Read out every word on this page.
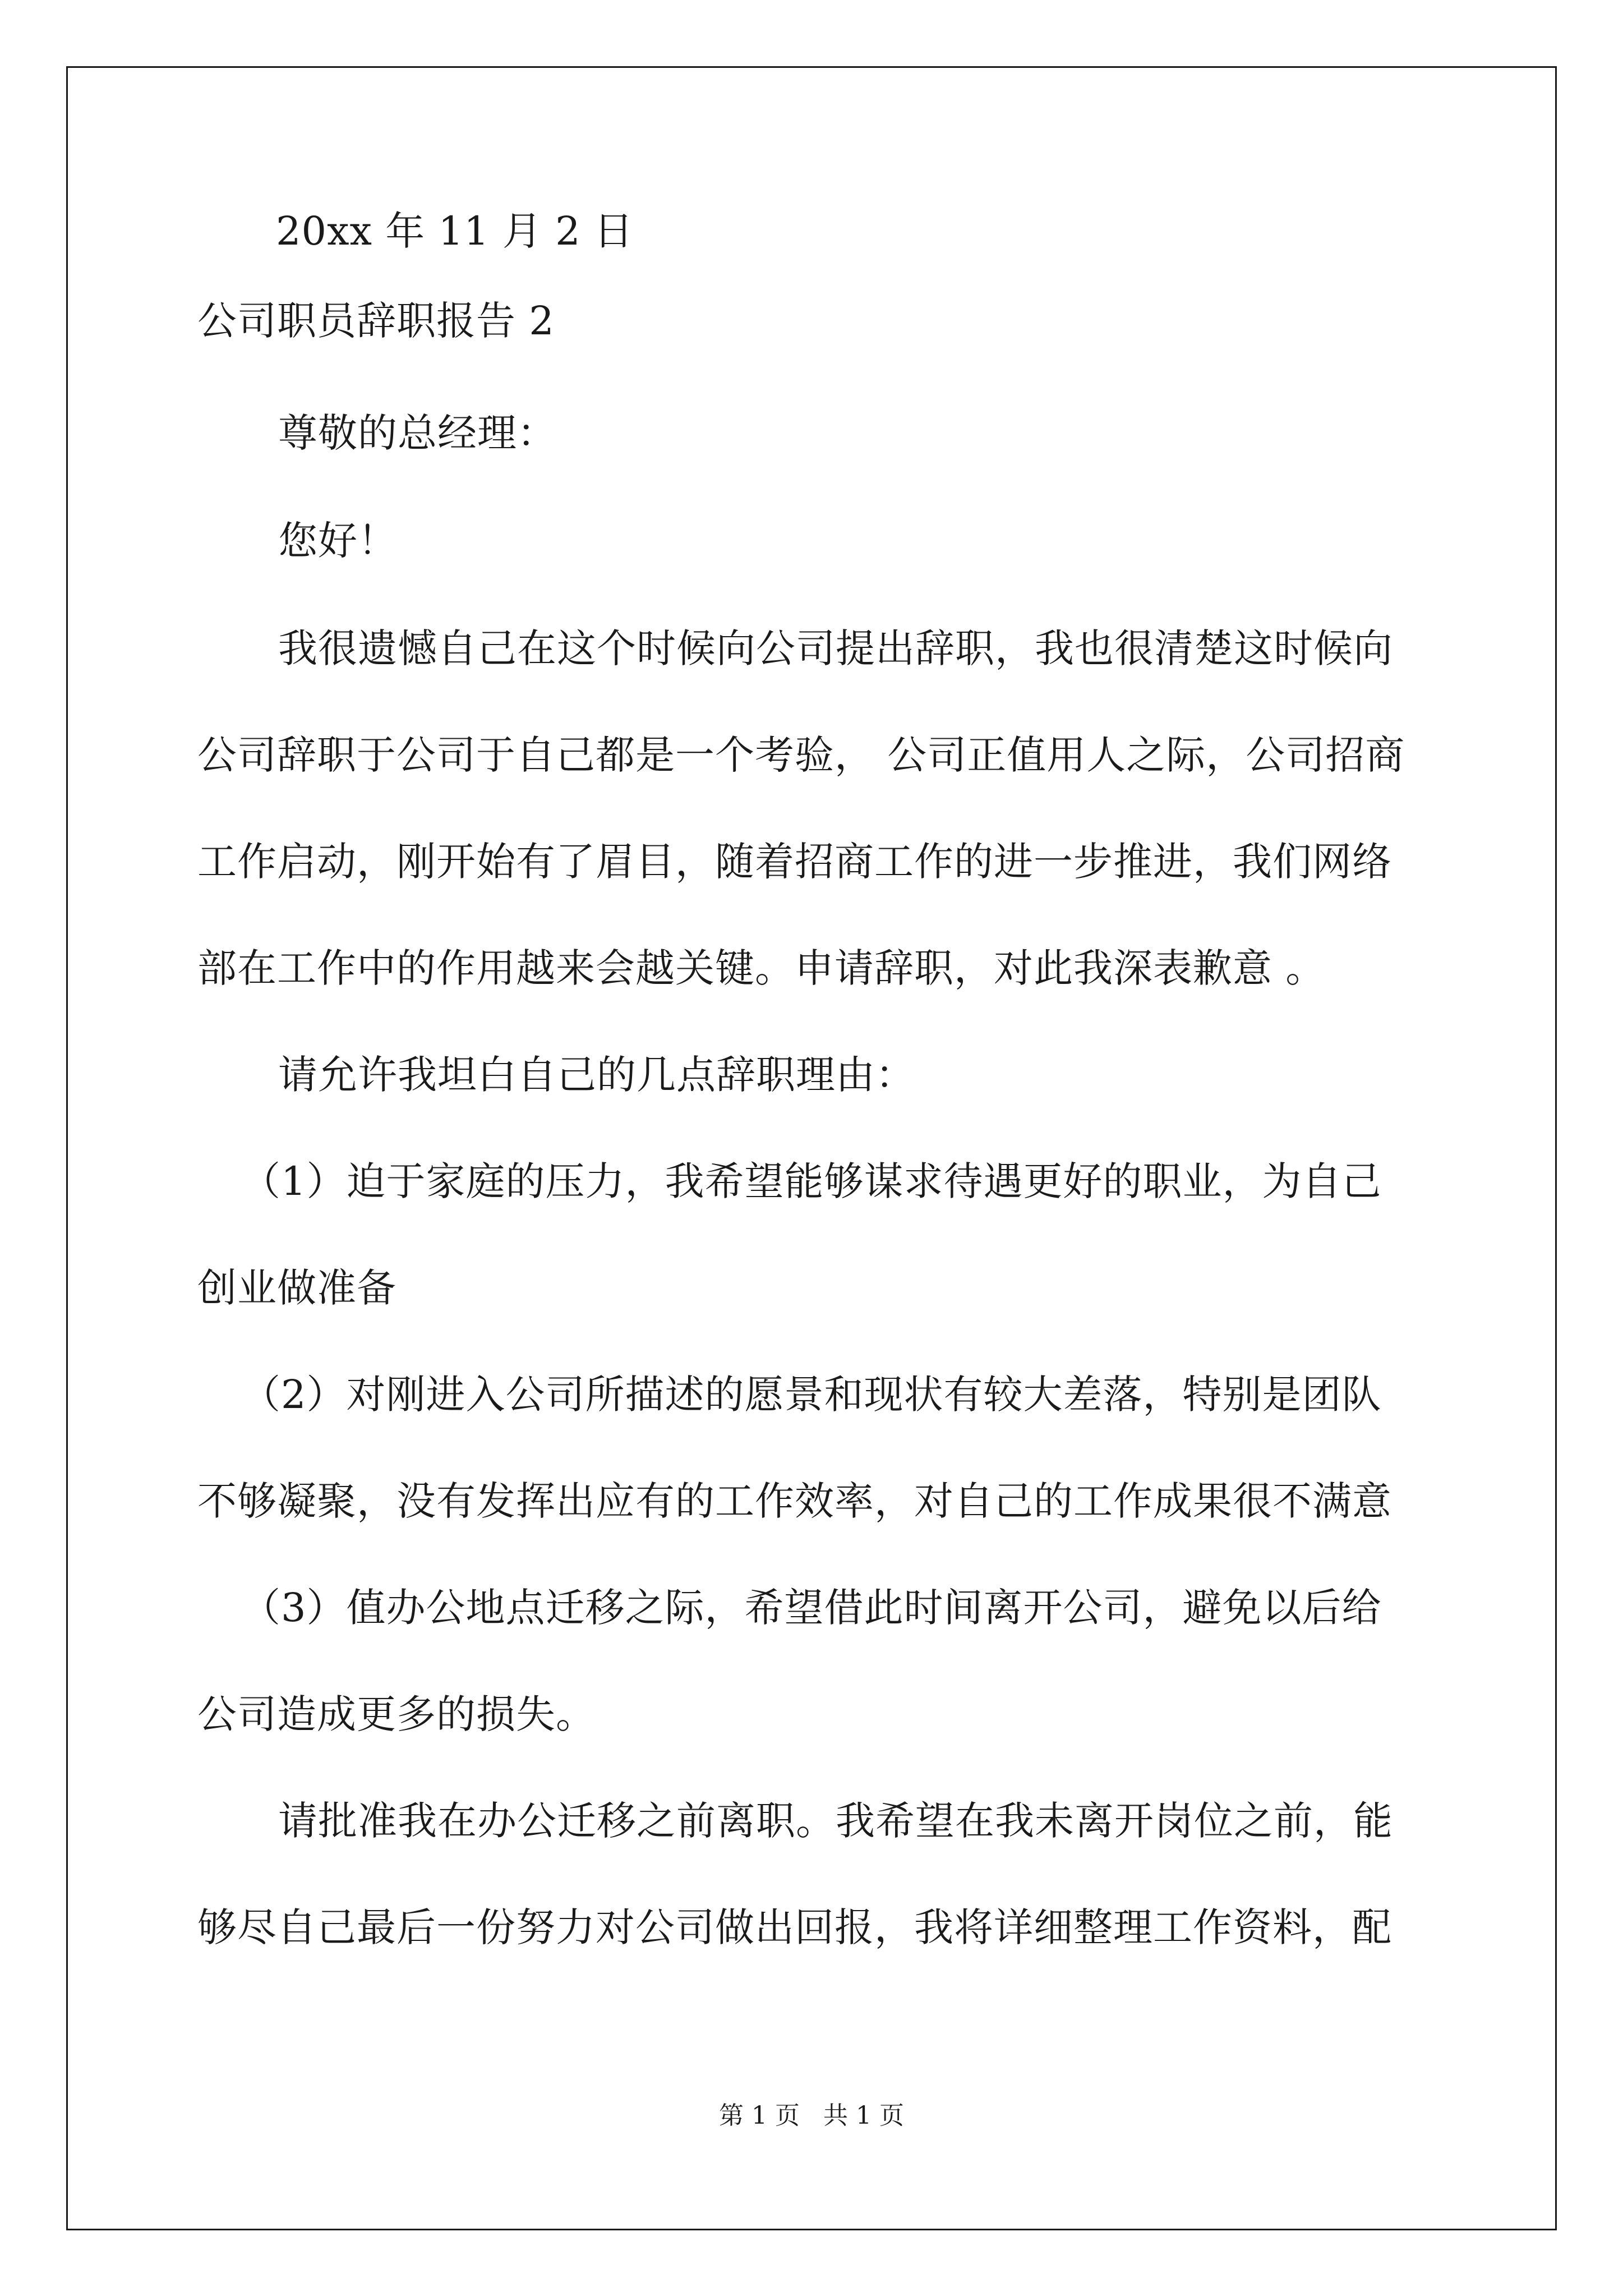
20xx 年 11 月 2 日
公司职员辞职报告 2
尊敬的总经理：
您好！
我很遗憾自己在这个时候向公司提出辞职，我也很清楚这时候向
公司辞职于公司于自己都是一个考验， 公司正值用人之际，公司招商
工作启动，刚开始有了眉目，随着招商工作的进一步推进，我们网络
部在工作中的作用越来会越关键。申请辞职，对此我深表歉意 。
请允许我坦白自己的几点辞职理由：
（1）迫于家庭的压力，我希望能够谋求待遇更好的职业，为自己
创业做准备
（2）对刚进入公司所描述的愿景和现状有较大差落，特别是团队
不够凝聚，没有发挥出应有的工作效率，对自己的工作成果很不满意
（3）值办公地点迁移之际，希望借此时间离开公司，避免以后给
公司造成更多的损失。
请批准我在办公迁移之前离职。我希望在我未离开岗位之前，能
够尽自己最后一份努力对公司做出回报，我将详细整理工作资料，配
第 1 页   共 1 页
